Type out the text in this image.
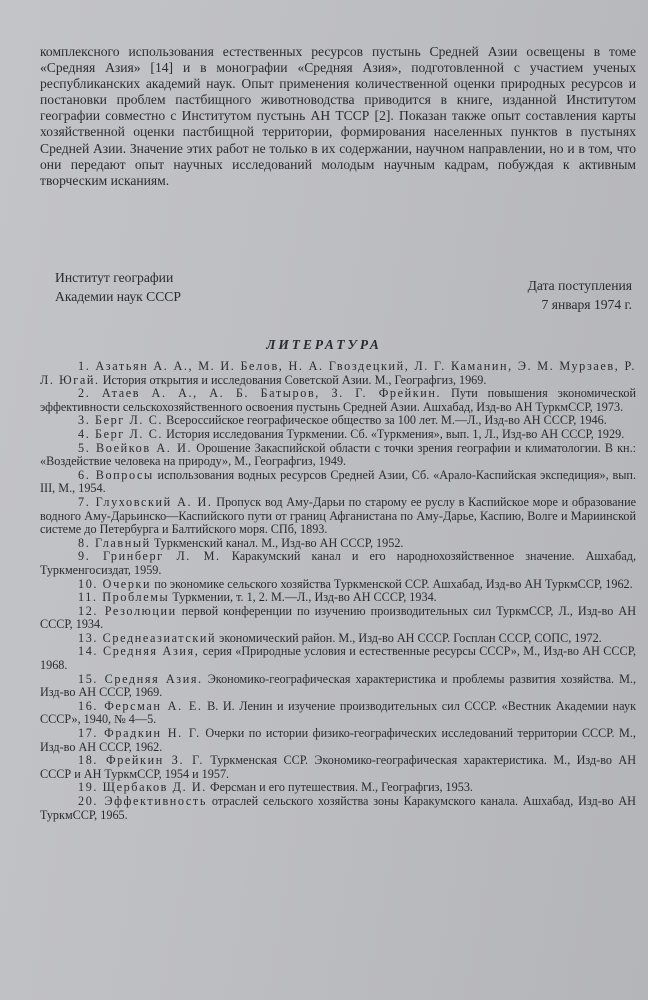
комплексного использования естественных ресурсов пустынь Средней Азии освещены в томе «Средняя Азия» [14] и в монографии «Средняя Азия», подготовленной с участием ученых республиканских академий наук. Опыт применения количественной оценки природных ресурсов и постановки проблем пастбищного животноводства приводится в книге, изданной Институтом географии совместно с Институтом пустынь АН ТССР [2]. Показан также опыт составления карты хозяйственной оценки пастбищной территории, формирования населенных пунктов в пустынях Средней Азии. Значение этих работ не только в их содержании, научном направлении, но и в том, что они передают опыт научных исследований молодым научным кадрам, побуждая к активным творческим исканиям.

Институт географии
Академии наук СССР
Дата поступления
7 января 1974 г.
ЛИТЕРАТУРА

1. Азатьян А. А., М. И. Белов, Н. А. Гвоздецкий, Л. Г. Каманин, Э. М. Мурзаев, Р. Л. Югай. История открытия и исследования Советской Азии. М., Географгиз, 1969.

2. Атаев А. А., А. Б. Батыров, З. Г. Фрейкин. Пути повышения экономической эффективности сельскохозяйственного освоения пустынь Средней Азии. Ашхабад, Изд-во АН ТуркмССР, 1973.

3. Берг Л. С. Всероссийское географическое общество за 100 лет. М.—Л., Изд-во АН СССР, 1946.

4. Берг Л. С. История исследования Туркмении. Сб. «Туркмения», вып. 1, Л., Изд-во АН СССР, 1929.

5. Воейков А. И. Орошение Закаспийской области с точки зрения географии и климатологии. В кн.: «Воздействие человека на природу», М., Географгиз, 1949.

6. Вопросы использования водных ресурсов Средней Азии, Сб. «Арало-Каспийская экспедиция», вып. III, М., 1954.

7. Глуховский А. И. Пропуск вод Аму-Дарьи по старому ее руслу в Каспийское море и образование водного Аму-Дарьинско—Каспийского пути от границ Афганистана по Аму-Дарье, Каспию, Волге и Мариинской системе до Петербурга и Балтийского моря. СПб, 1893.

8. Главный Туркменский канал. М., Изд-во АН СССР, 1952.

9. Гринберг Л. М. Каракумский канал и его народнохозяйственное значение. Ашхабад, Туркменгосиздат, 1959.

10. Очерки по экономике сельского хозяйства Туркменской ССР. Ашхабад, Изд-во АН ТуркмССР, 1962.

11. Проблемы Туркмении, т. 1, 2. М.—Л., Изд-во АН СССР, 1934.

12. Резолюции первой конференции по изучению производительных сил ТуркмССР, Л., Изд-во АН СССР, 1934.

13. Среднеазиатский экономический район. М., Изд-во АН СССР. Госплан СССР, СОПС, 1972.

14. Средняя Азия, серия «Природные условия и естественные ресурсы СССР», М., Изд-во АН СССР, 1968.

15. Средняя Азия. Экономико-географическая характеристика и проблемы развития хозяйства. М., Изд-во АН СССР, 1969.

16. Ферсман А. Е. В. И. Ленин и изучение производительных сил СССР. «Вестник Академии наук СССР», 1940, № 4—5.

17. Фрадкин Н. Г. Очерки по истории физико-географических исследований территории СССР. М., Изд-во АН СССР, 1962.

18. Фрейкин З. Г. Туркменская ССР. Экономико-географическая характеристика. М., Изд-во АН СССР и АН ТуркмССР, 1954 и 1957.

19. Щербаков Д. И. Ферсман и его путешествия. М., Географгиз, 1953.

20. Эффективность отраслей сельского хозяйства зоны Каракумского канала. Ашхабад, Изд-во АН ТуркмССР, 1965.
